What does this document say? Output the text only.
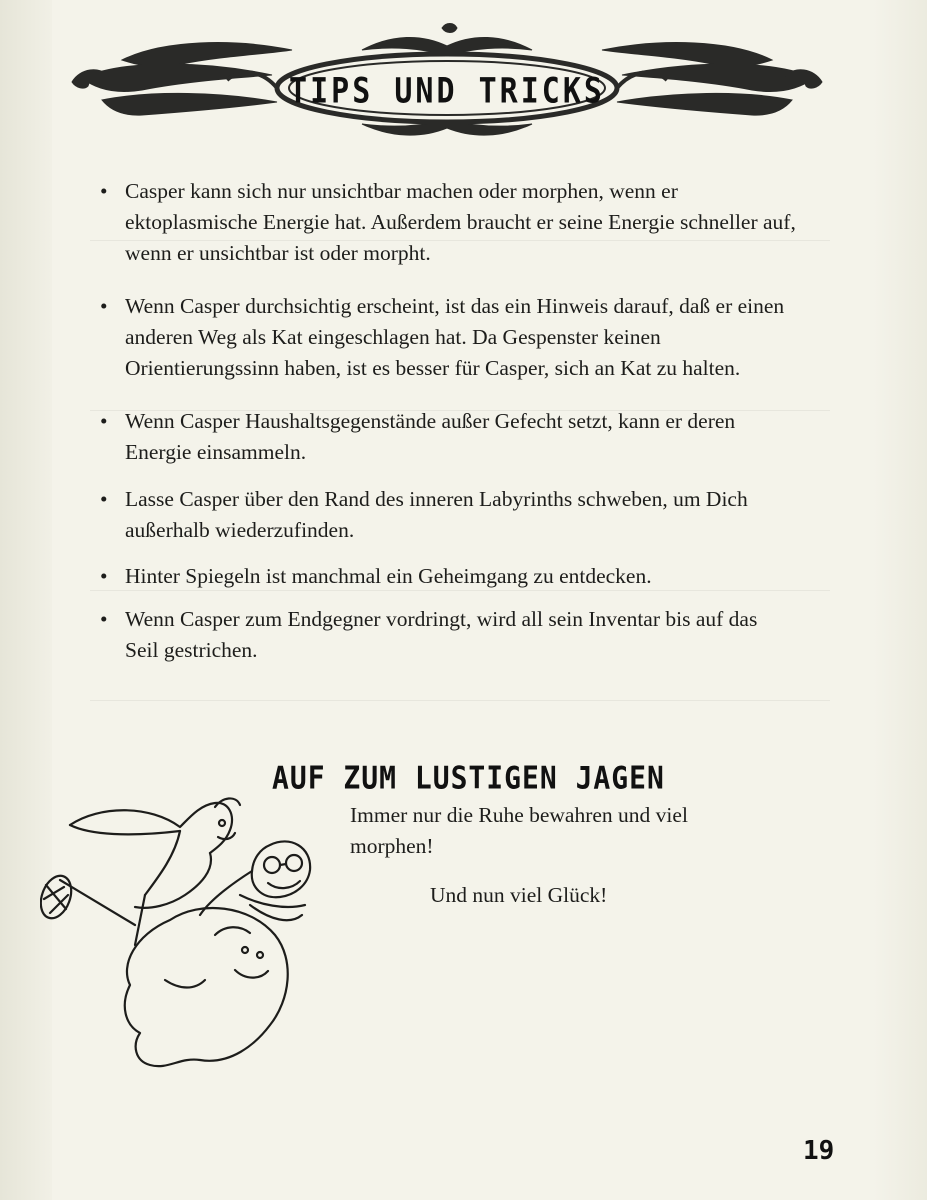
TIPS UND TRICKS
• Casper kann sich nur unsichtbar machen oder morphen, wenn er ektoplasmische Energie hat. Außerdem braucht er seine Energie schneller auf, wenn er unsichtbar ist oder morpht.
• Wenn Casper durchsichtig erscheint, ist das ein Hinweis darauf, daß er einen anderen Weg als Kat eingeschlagen hat. Da Gespenster keinen Orientierungssinn haben, ist es besser für Casper, sich an Kat zu halten.
• Wenn Casper Haushaltsgegenstände außer Gefecht setzt, kann er deren Energie einsammeln.
• Lasse Casper über den Rand des inneren Labyrinths schweben, um Dich außerhalb wiederzufinden.
• Hinter Spiegeln ist manchmal ein Geheimgang zu entdecken.
• Wenn Casper zum Endgegner vordringt, wird all sein Inventar bis auf das Seil gestrichen.
AUF ZUM LUSTIGEN JAGEN
Immer nur die Ruhe bewahren und viel morphen!
Und nun viel Glück!
19
